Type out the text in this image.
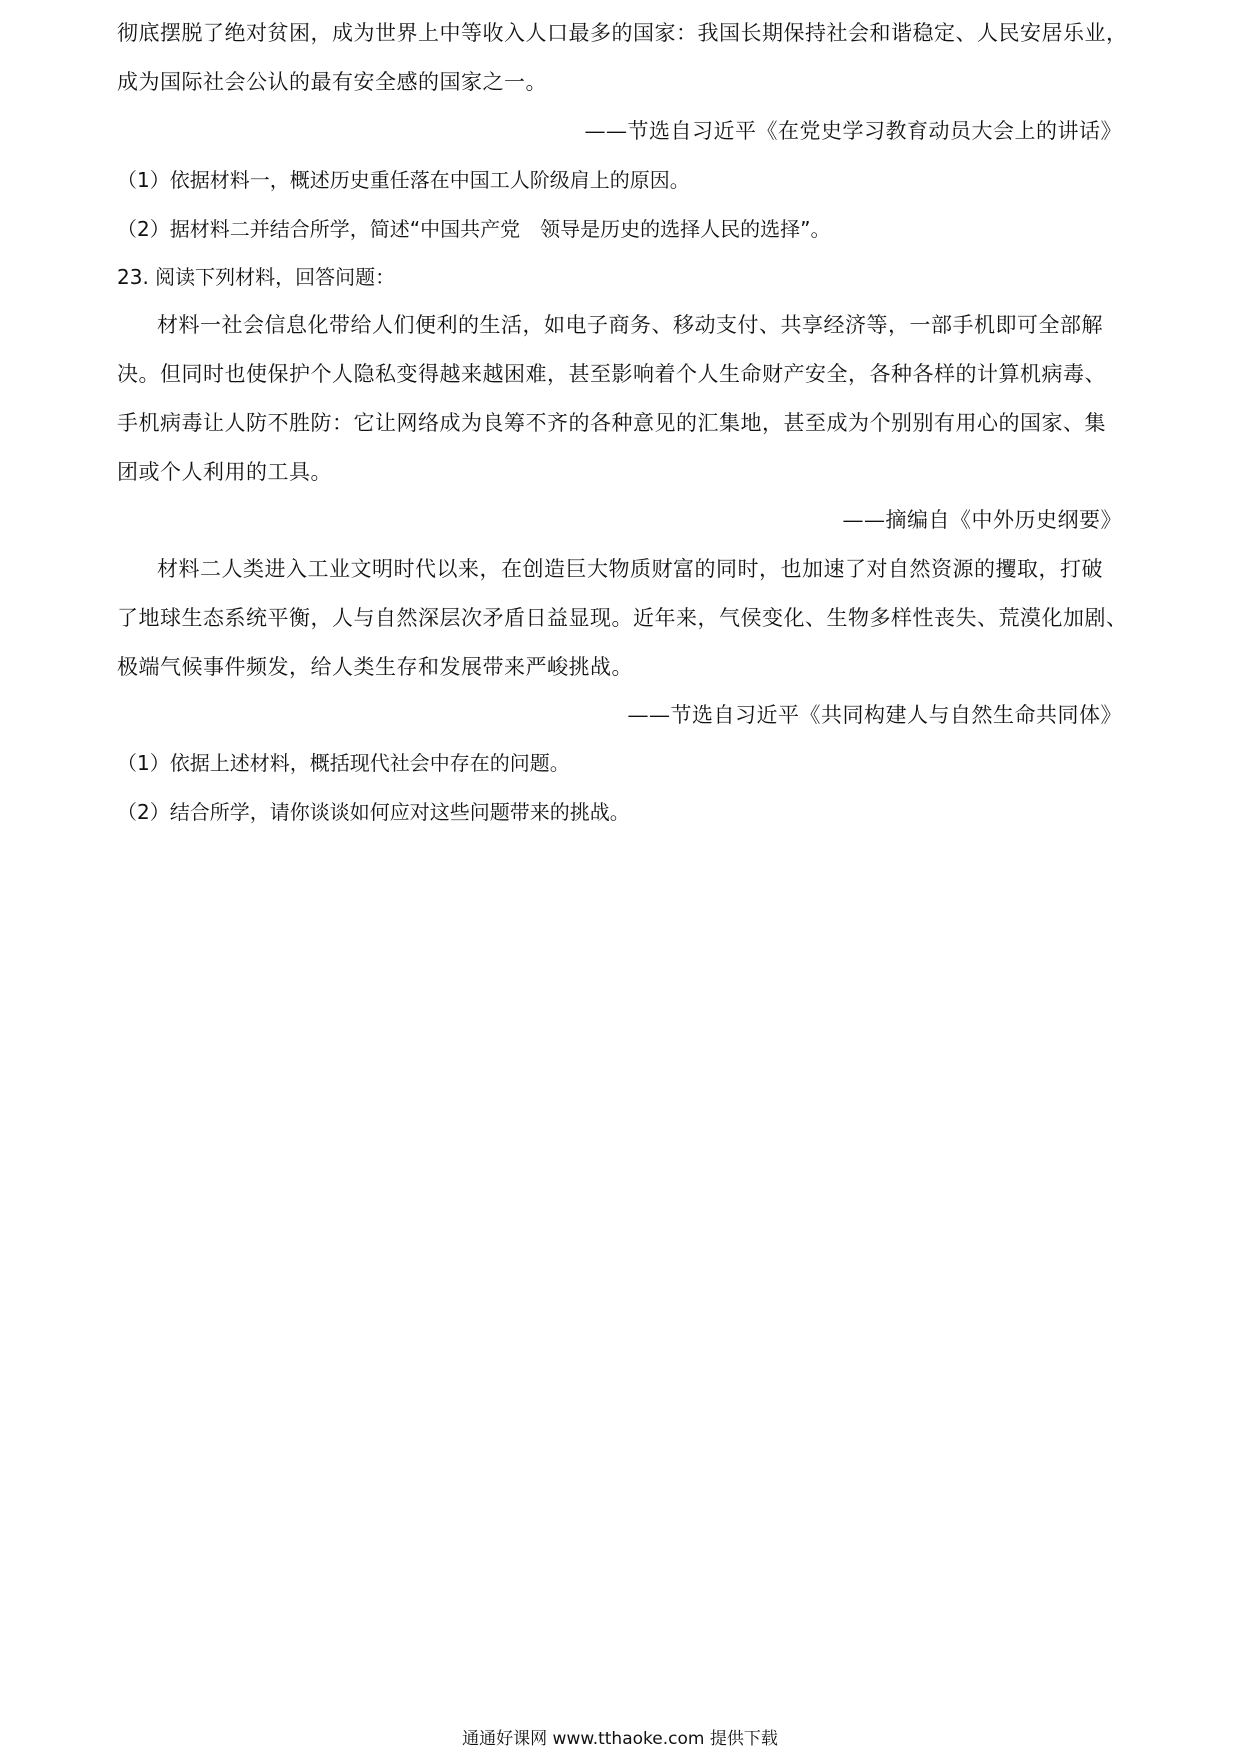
彻底摆脱了绝对贫困，成为世界上中等收入人口最多的国家：我国长期保持社会和谐稳定、人民安居乐业，

成为国际社会公认的最有安全感的国家之一。

——节选自习近平《在党史学习教育动员大会上的讲话》

（1）依据材料一，概述历史重任落在中国工人阶级肩上的原因。

（2）据材料二并结合所学，简述“中国共产党　领导是历史的选择人民的选择”。

23. 阅读下列材料，回答问题：

材料一社会信息化带给人们便利的生活，如电子商务、移动支付、共享经济等，一部手机即可全部解

决。但同时也使保护个人隐私变得越来越困难，甚至影响着个人生命财产安全，各种各样的计算机病毒、

手机病毒让人防不胜防：它让网络成为良筹不齐的各种意见的汇集地，甚至成为个别别有用心的国家、集

团或个人利用的工具。

——摘编自《中外历史纲要》

材料二人类进入工业文明时代以来，在创造巨大物质财富的同时，也加速了对自然资源的攫取，打破

了地球生态系统平衡，人与自然深层次矛盾日益显现。近年来，气侯变化、生物多样性丧失、荒漠化加剧、

极端气候事件频发，给人类生存和发展带来严峻挑战。

——节选自习近平《共同构建人与自然生命共同体》

（1）依据上述材料，概括现代社会中存在的问题。

（2）结合所学，请你谈谈如何应对这些问题带来的挑战。

通通好课网 www.tthaoke.com 提供下载
